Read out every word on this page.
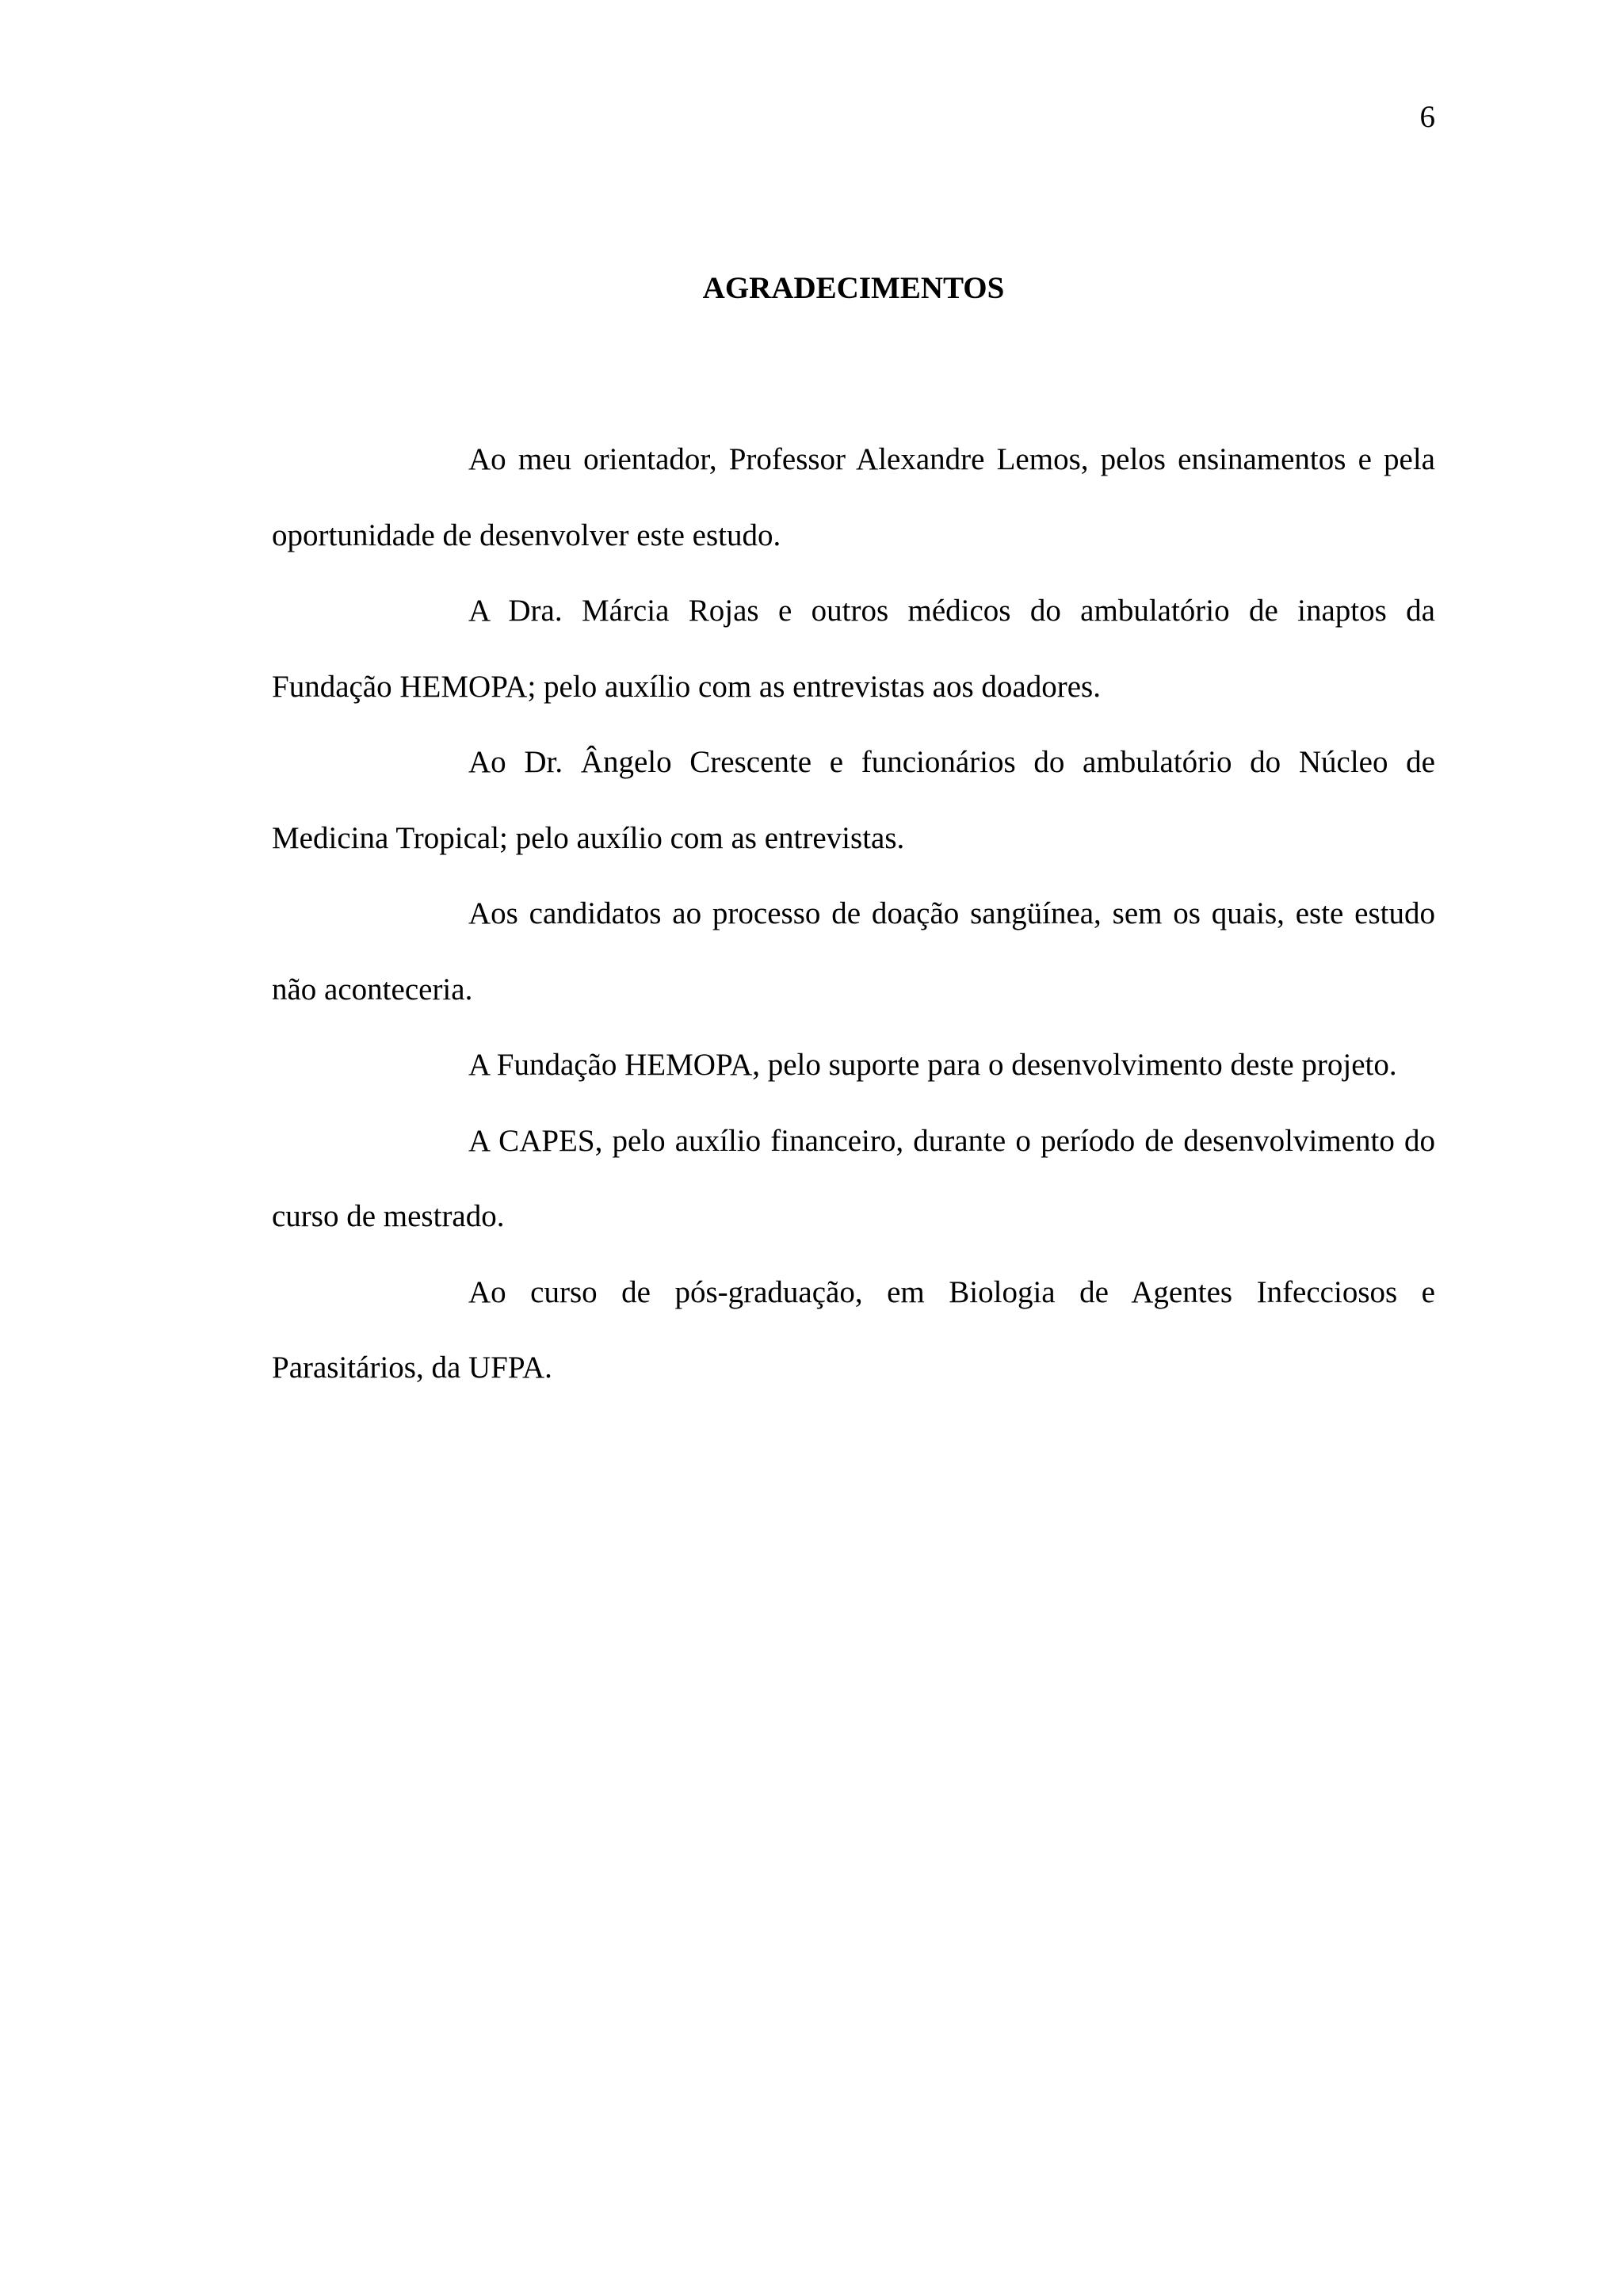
6
AGRADECIMENTOS

Ao meu orientador, Professor Alexandre Lemos, pelos ensinamentos e pela oportunidade de desenvolver este estudo.

A Dra. Márcia Rojas e outros médicos do ambulatório de inaptos da Fundação HEMOPA; pelo auxílio com as entrevistas aos doadores.

Ao Dr. Ângelo Crescente e funcionários do ambulatório do Núcleo de Medicina Tropical; pelo auxílio com as entrevistas.

Aos candidatos ao processo de doação sangüínea, sem os quais, este estudo não aconteceria.

A Fundação HEMOPA, pelo suporte para o desenvolvimento deste projeto.

A CAPES, pelo auxílio financeiro, durante o período de desenvolvimento do curso de mestrado.

Ao curso de pós-graduação, em Biologia de Agentes Infecciosos e Parasitários, da UFPA.
